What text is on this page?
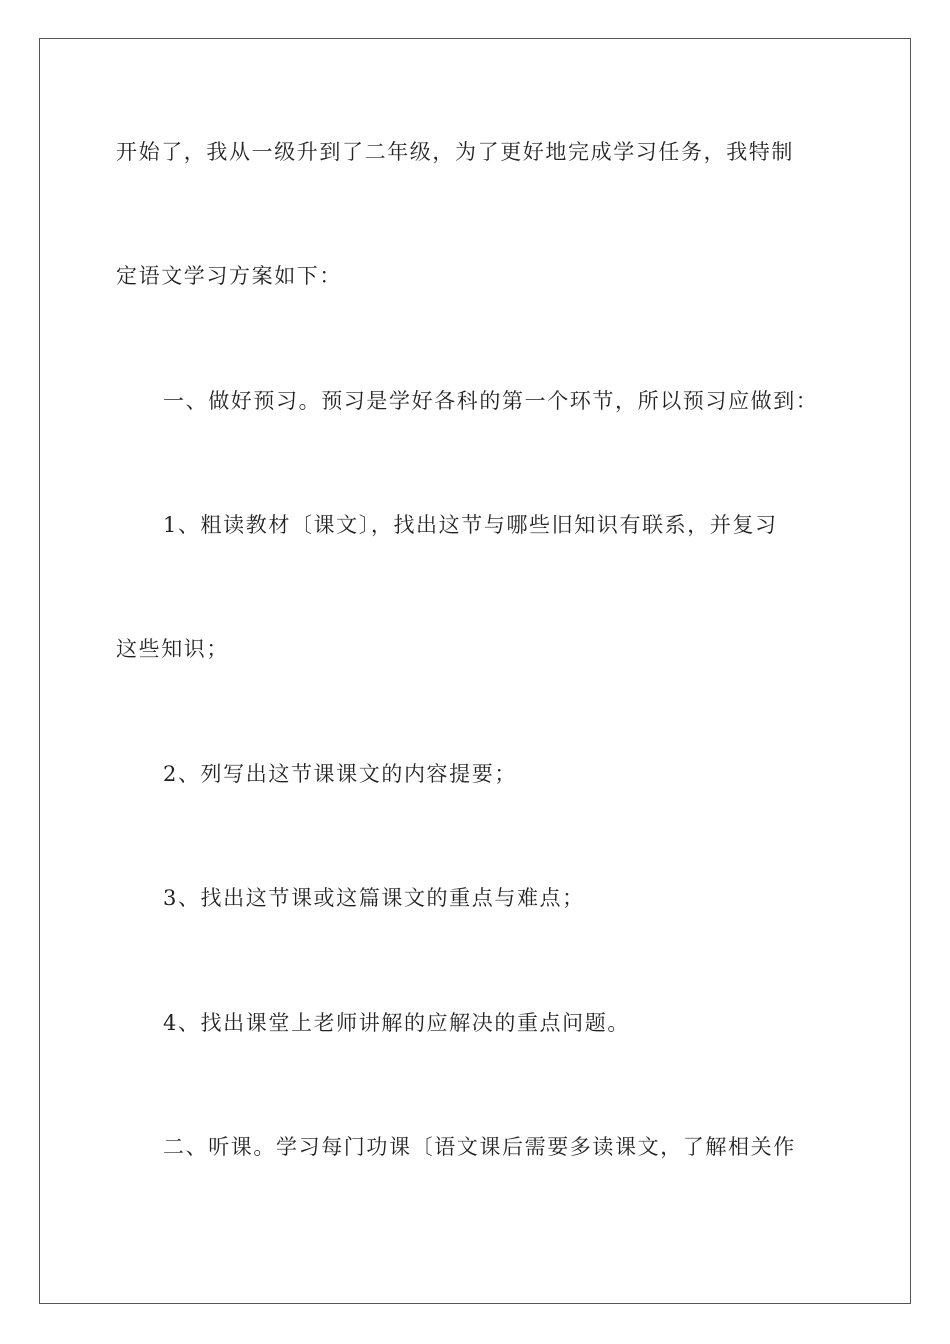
开始了，我从一级升到了二年级，为了更好地完成学习任务，我特制
定语文学习方案如下：
一、做好预习。预习是学好各科的第一个环节，所以预习应做到：
1、粗读教材〔课文〕，找出这节与哪些旧知识有联系，并复习
这些知识；
2、列写出这节课课文的内容提要；
3、找出这节课或这篇课文的重点与难点；
4、找出课堂上老师讲解的应解决的重点问题。
二、听课。学习每门功课〔语文课后需要多读课文，了解相关作
